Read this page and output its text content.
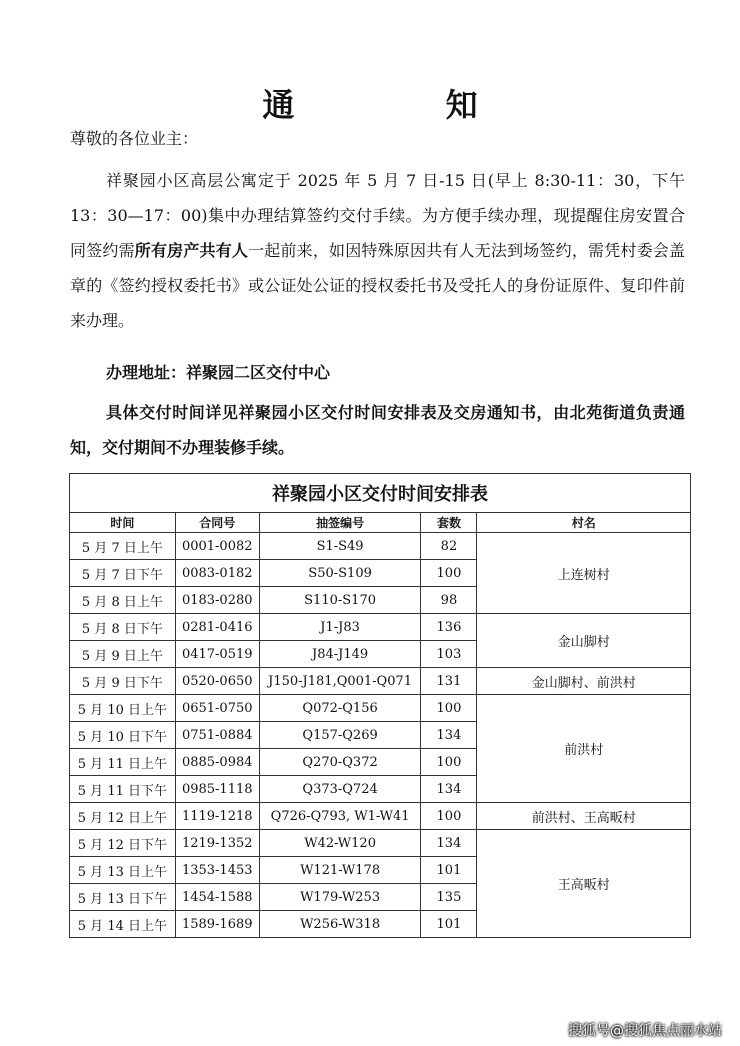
通 知
尊敬的各位业主：

祥聚园小区高层公寓定于 2025 年 5 月 7 日-15 日(早上 8:30-11：30，下午 13：30—17：00)集中办理结算签约交付手续。为方便手续办理，现提醒住房安置合同签约需所有房产共有人一起前来，如因特殊原因共有人无法到场签约，需凭村委会盖章的《签约授权委托书》或公证处公证的授权委托书及受托人的身份证原件、复印件前来办理。

办理地址：祥聚园二区交付中心

具体交付时间详见祥聚园小区交付时间安排表及交房通知书，由北苑街道负责通知，交付期间不办理装修手续。

祥聚园小区交付时间安排表				
时间	合同号	抽签编号	套数	村名
5 月 7 日上午	0001-0082	S1-S49	82	上连树村
5 月 7 日下午	0083-0182	S50-S109	100	
5 月 8 日上午	0183-0280	S110-S170	98	
5 月 8 日下午	0281-0416	J1-J83	136	金山脚村
5 月 9 日上午	0417-0519	J84-J149	103	
5 月 9 日下午	0520-0650	J150-J181,Q001-Q071	131	金山脚村、前洪村
5 月 10 日上午	0651-0750	Q072-Q156	100	前洪村
5 月 10 日下午	0751-0884	Q157-Q269	134	
5 月 11 日上午	0885-0984	Q270-Q372	100	
5 月 11 日下午	0985-1118	Q373-Q724	134	
5 月 12 日上午	1119-1218	Q726-Q793, W1-W41	100	前洪村、王高畈村
5 月 12 日下午	1219-1352	W42-W120	134	王高畈村
5 月 13 日上午	1353-1453	W121-W178	101	
5 月 13 日下午	1454-1588	W179-W253	135	
5 月 14 日上午	1589-1689	W256-W318	101	
搜狐号@搜狐焦点丽水站
